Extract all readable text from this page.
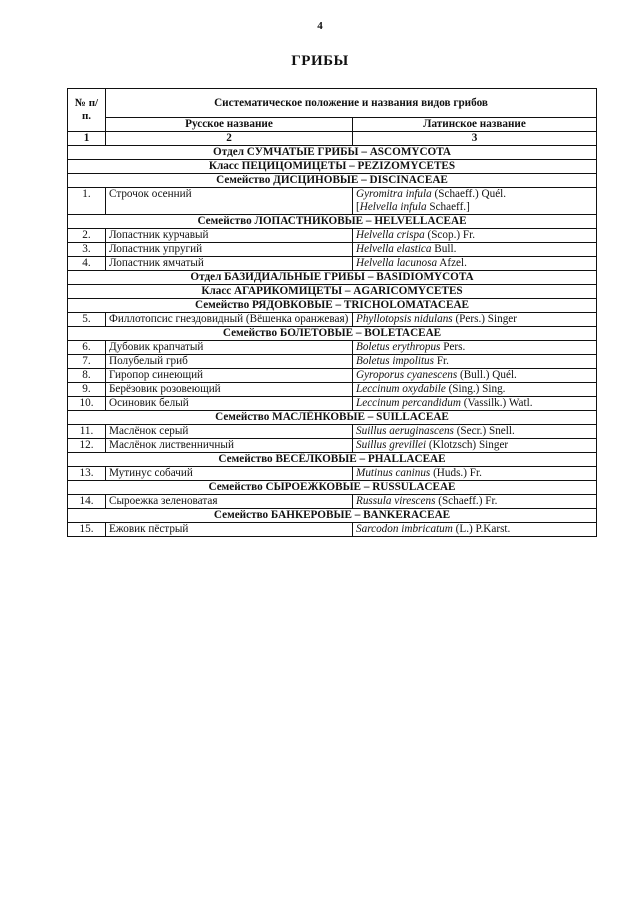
4
ГРИБЫ
№ п/п.	Систематическое положение и названия видов грибов	
	Русское название	Латинское название
1	2	3
Отдел СУМЧАТЫЕ ГРИБЫ – ASCOMYCOTA		
Класс ПЕЦИЦОМИЦЕТЫ – PEZIZOMYCETES		
Семейство ДИСЦИНОВЫЕ – DISCINACEAE		
1.	Строчок осенний	Gyromitra infula (Schaeff.) Quél.
[Helvella infula Schaeff.]

Семейство ЛОПАСТНИКОВЫЕ – HELVELLACEAE		
2.	Лопастник курчавый	Helvella crispa (Scop.) Fr.

3.	Лопастник упругий	Helvella elastica Bull.

4.	Лопастник ямчатый	Helvella lacunosa Afzel.

Отдел БАЗИДИАЛЬНЫЕ ГРИБЫ – BASIDIOMYCOTA		
Класс АГАРИКОМИЦЕТЫ – AGARICOMYCETES		
Семейство РЯДОВКОВЫЕ – TRICHOLOMATACEAE		
5.	Филлотопсис гнездовидный (Вёшенка оранжевая)	Phyllotopsis nidulans (Pers.) Singer

Семейство БОЛЕТОВЫЕ – BOLETACEAE		
6.	Дубовик крапчатый	Boletus erythropus Pers.

7.	Полубелый гриб	Boletus impolitus Fr.

8.	Гиропор синеющий	Gyroporus cyanescens (Bull.) Quél.

9.	Берёзовик розовеющий	Leccinum oxydabile (Sing.) Sing.

10.	Осиновик белый	Leccinum percandidum (Vassilk.) Watl.

Семейство МАСЛЁНКОВЫЕ – SUILLACEAE		
11.	Маслёнок серый	Suillus aeruginascens (Secr.) Snell.

12.	Маслёнок лиственничный	Suillus grevillei (Klotzsch) Singer

Семейство ВЕСЁЛКОВЫЕ – PHALLACEAE		
13.	Мутинус собачий	Mutinus caninus (Huds.) Fr.

Семейство СЫРОЕЖКОВЫЕ – RUSSULACEAE		
14.	Сыроежка зеленоватая	Russula virescens (Schaeff.) Fr.

Семейство БАНКЕРОВЫЕ – BANKERACEAE		
15.	Ежовик пёстрый	Sarcodon imbricatum (L.) P.Karst.
